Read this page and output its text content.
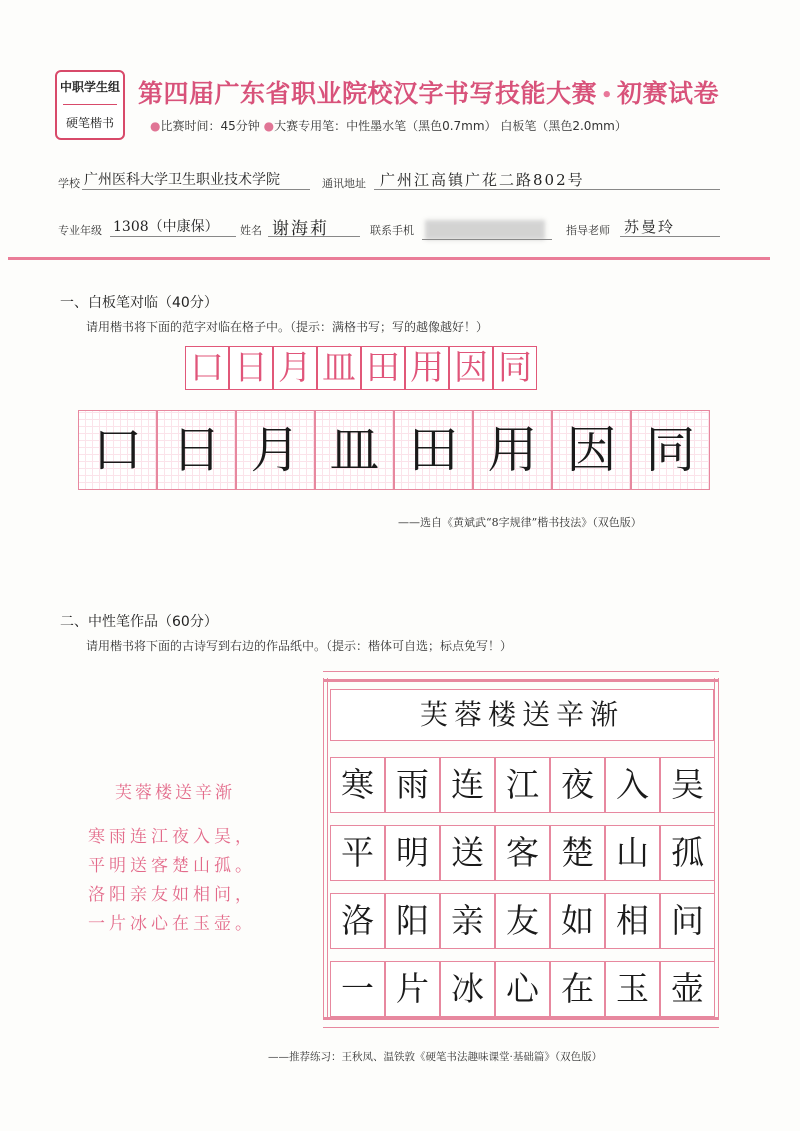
中职学生组
硬笔楷书
第四届广东省职业院校汉字书写技能大赛 • 初赛试卷
●比赛时间：45分钟 ●大赛专用笔：中性墨水笔（黑色0.7mm） 白板笔（黑色2.0mm）
学校 广州医科大学卫生职业技术学院	通讯地址 广州江高镇广花二路802号
专业年级 1308（中康保） 姓名 谢海莉	联系手机	指导老师 苏曼玲
一、白板笔对临（40分）
请用楷书将下面的范字对临在格子中。（提示：满格书写；写的越像越好！）
口 日 月 皿 田 用 因 同
口 日 月 皿 田 用 因 同
——选自《黄斌武“8字规律”楷书技法》（双色版）
二、中性笔作品（60分）
请用楷书将下面的古诗写到右边的作品纸中。（提示：楷体可自选；标点免写！）
芙蓉楼送辛渐
寒雨连江夜入吴，
平明送客楚山孤。
洛阳亲友如相问，
一片冰心在玉壶。
芙蓉楼送辛渐
寒 雨 连 江 夜 入 吴
平 明 送 客 楚 山 孤
洛 阳 亲 友 如 相 问
一 片 冰 心 在 玉 壶
——推荐练习：王秋凤、温铁敦《硬笔书法趣味课堂·基础篇》（双色版）
